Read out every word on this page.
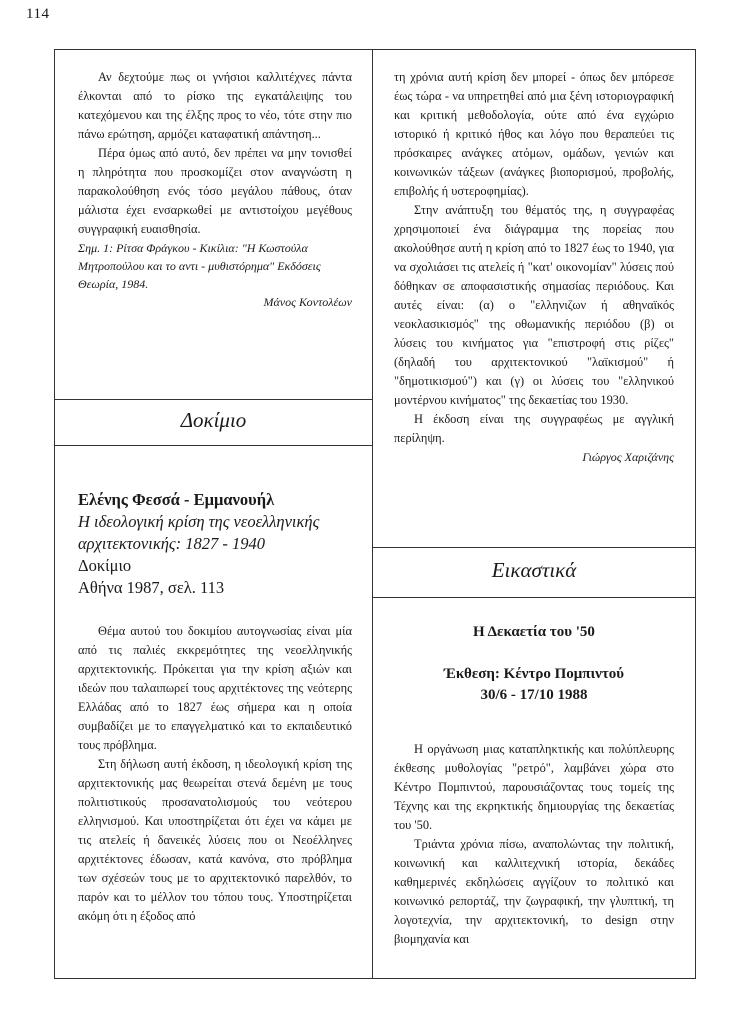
114

Αν δεχτούμε πως οι γνήσιοι καλλιτέχνες πάντα έλκονται από το ρίσκο της εγκατάλειψης του κατεχόμενου και της έλξης προς το νέο, τότε στην πιο πάνω ερώτηση, αρμόζει καταφατική απάντηση...

Πέρα όμως από αυτό, δεν πρέπει να μην τονισθεί η πληρότητα που προσκομίζει στον αναγνώστη η παρακολούθηση ενός τόσο μεγάλου πάθους, όταν μάλιστα έχει ενσαρκωθεί με αντιστοίχου μεγέθους συγγραφική ευαισθησία.

Σημ. 1: Ρίτσα Φράγκου - Κικίλια: "Η Κωστούλα Μητροπούλου και το αντι - μυθιστόρημα" Εκδόσεις Θεωρία, 1984.

Μάνος Κοντολέων

Δοκίμιο
Ελένης Φεσσά - Εμμανουήλ
Η ιδεολογική κρίση της νεοελληνικής αρχιτεκτονικής: 1827 - 1940
Δοκίμιο
Αθήνα 1987, σελ. 113

Θέμα αυτού του δοκιμίου αυτογνωσίας είναι μία από τις παλιές εκκρεμότητες της νεοελληνικής αρχιτεκτονικής. Πρόκειται για την κρίση αξιών και ιδεών που ταλαιπωρεί τους αρχιτέκτονες της νεότερης Ελλάδας από το 1827 έως σήμερα και η οποία συμβαδίζει με το επαγγελματικό και το εκπαιδευτικό τους πρόβλημα.

Στη δήλωση αυτή έκδοση, η ιδεολογική κρίση της αρχιτεκτονικής μας θεωρείται στενά δεμένη με τους πολιτιστικούς προσανατολισμούς του νεότερου ελληνισμού. Και υποστηρίζεται ότι έχει να κάμει με τις ατελείς ή δανεικές λύσεις που οι Νεοέλληνες αρχιτέκτονες έδωσαν, κατά κανόνα, στο πρόβλημα των σχέσεών τους με το αρχιτεκτονικό παρελθόν, το παρόν και το μέλλον του τόπου τους. Υποστηρίζεται ακόμη ότι η έξοδος από

τη χρόνια αυτή κρίση δεν μπορεί - όπως δεν μπόρεσε έως τώρα - να υπηρετηθεί από μια ξένη ιστοριογραφική και κριτική μεθοδολογία, ούτε από ένα εγχώριο ιστορικό ή κριτικό ήθος και λόγο που θεραπεύει τις πρόσκαιρες ανάγκες ατόμων, ομάδων, γενιών και κοινωνικών τάξεων (ανάγκες βιοπορισμού, προβολής, επιβολής ή υστεροφημίας).

Στην ανάπτυξη του θέματός της, η συγγραφέας χρησιμοποιεί ένα διάγραμμα της πορείας που ακολούθησε αυτή η κρίση από το 1827 έως το 1940, για να σχολιάσει τις ατελείς ή "κατ' οικονομίαν" λύσεις πού δόθηκαν σε αποφασιστικής σημασίας περιόδους. Και αυτές είναι: (α) ο "ελληνιζων ή αθηναϊκός νεοκλασικισμός" της οθωμανικής περιόδου (β) οι λύσεις του κινήματος για "επιστροφή στις ρίζες" (δηλαδή του αρχιτεκτονικού "λαϊκισμού" ή "δημοτικισμού") και (γ) οι λύσεις του "ελληνικού μοντέρνου κινήματος" της δεκαετίας του 1930.

Η έκδοση είναι της συγγραφέως με αγγλική περίληψη.

Γιώργος Χαριζάνης

Εικαστικά
Η Δεκαετία του '50
Έκθεση: Κέντρο Πομπιντού
30/6 - 17/10 1988

Η οργάνωση μιας καταπληκτικής και πολύπλευρης έκθεσης μυθολογίας "ρετρό", λαμβάνει χώρα στο Κέντρο Πομπιντού, παρουσιάζοντας τους τομείς της Τέχνης και της εκρηκτικής δημιουργίας της δεκαετίας του '50.

Τριάντα χρόνια πίσω, αναπολώντας την πολιτική, κοινωνική και καλλιτεχνική ιστορία, δεκάδες καθημερινές εκδηλώσεις αγγίζουν το πολιτικό και κοινωνικό ρεπορτάζ, την ζωγραφική, την γλυπτική, τη λογοτεχνία, την αρχιτεκτονική, το design στην βιομηχανία και
